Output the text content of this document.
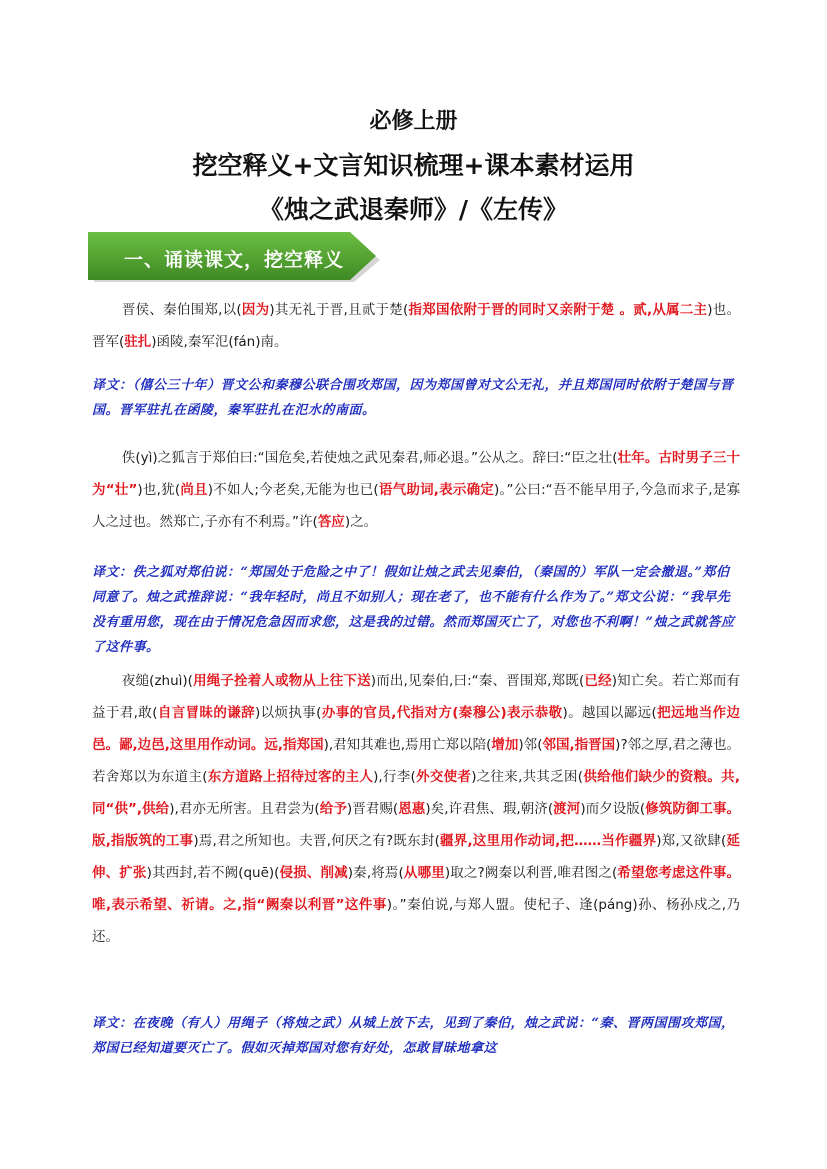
必修上册
挖空释义+文言知识梳理+课本素材运用
《烛之武退秦师》/《左传》
一、诵读课文，挖空释义
晋侯、秦伯围郑,以(因为)其无礼于晋,且贰于楚(指郑国依附于晋的同时又亲附于楚 。贰,从属二主)也。晋军(驻扎)函陵,秦军氾(fán)南。
译文：（僖公三十年）晋文公和秦穆公联合围攻郑国，因为郑国曾对文公无礼，并且郑国同时依附于楚国与晋国。晋军驻扎在函陵，秦军驻扎在氾水的南面。
佚(yì)之狐言于郑伯曰:“国危矣,若使烛之武见秦君,师必退。”公从之。辞曰:“臣之壮(壮年。古时男子三十为“壮”)也,犹(尚且)不如人;今老矣,无能为也已(语气助词,表示确定)。”公曰:“吾不能早用子,今急而求子,是寡人之过也。然郑亡,子亦有不利焉。”许(答应)之。
译文：佚之狐对郑伯说：“郑国处于危险之中了！假如让烛之武去见秦伯，（秦国的）军队一定会撤退。”郑伯同意了。烛之武推辞说：“我年轻时，尚且不如别人；现在老了，也不能有什么作为了。”郑文公说：“我早先没有重用您，现在由于情况危急因而求您，这是我的过错。然而郑国灭亡了，对您也不利啊！”烛之武就答应了这件事。
夜缒(zhuì)(用绳子拴着人或物从上往下送)而出,见秦伯,曰:“秦、晋围郑,郑既(已经)知亡矣。若亡郑而有益于君,敢(自言冒昧的谦辞)以烦执事(办事的官员,代指对方(秦穆公)表示恭敬)。越国以鄙远(把远地当作边邑。鄙,边邑,这里用作动词。远,指郑国),君知其难也,焉用亡郑以陪(增加)邻(邻国,指晋国)?邻之厚,君之薄也。若舍郑以为东道主(东方道路上招待过客的主人),行李(外交使者)之往来,共其乏困(供给他们缺少的资粮。共,同“供”,供给),君亦无所害。且君尝为(给予)晋君赐(恩惠)矣,许君焦、瑕,朝济(渡河)而夕设版(修筑防御工事。版,指版筑的工事)焉,君之所知也。夫晋,何厌之有?既东封(疆界,这里用作动词,把……当作疆界)郑,又欲肆(延伸、扩张)其西封,若不阙(quē)(侵损、削减)秦,将焉(从哪里)取之?阙秦以利晋,唯君图之(希望您考虑这件事。唯,表示希望、祈请。之,指“阙秦以利晋”这件事)。”秦伯说,与郑人盟。使杞子、逢(páng)孙、杨孙戍之,乃还。
译文：在夜晚（有人）用绳子（将烛之武）从城上放下去，见到了秦伯，烛之武说：“秦、晋两国围攻郑国，郑国已经知道要灭亡了。假如灭掉郑国对您有好处，怎敢冒昧地拿这
